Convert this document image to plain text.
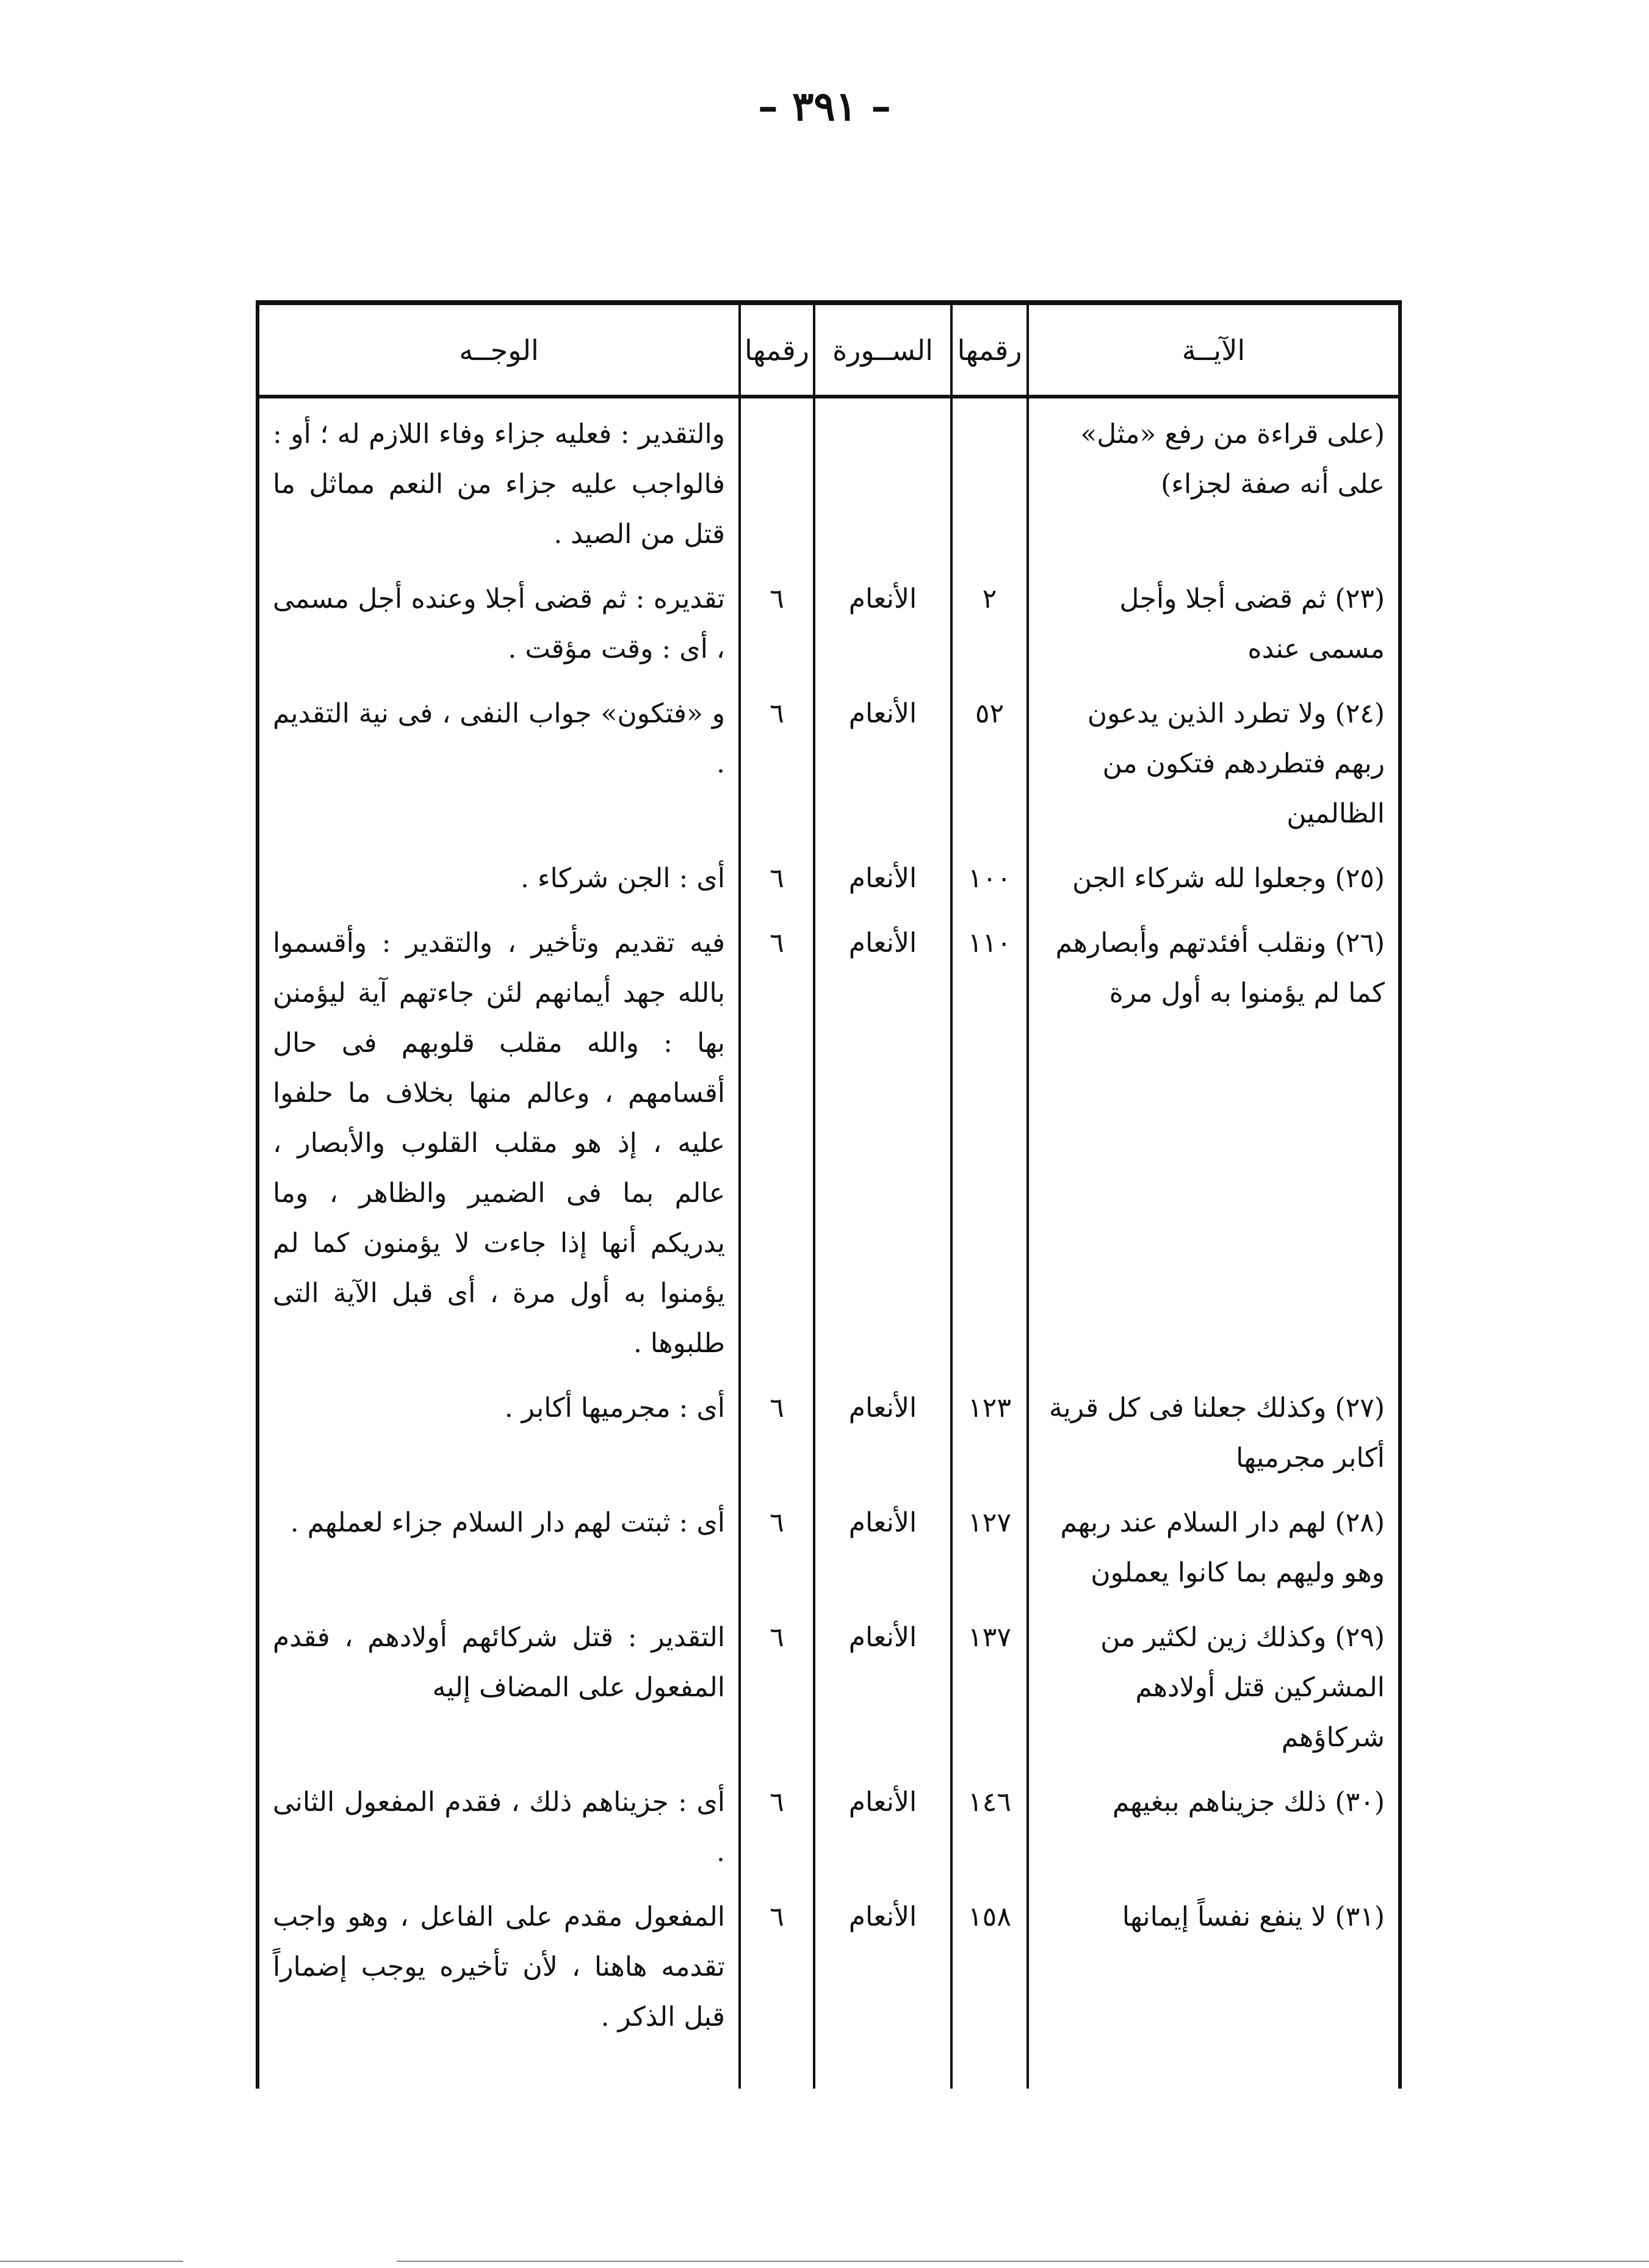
– ٣٩١ –
الآيــة	رقمها	الســورة	رقمها	الوجــه
(على قراءة من رفع «مثل» على أنه صفة لجزاء)				والتقدير : فعليه جزاء وفاء اللازم له ؛ أو : فالواجب عليه جزاء من النعم مماثل ما قتل من الصيد .
(٢٣) ثم قضى أجلا وأجل مسمى عنده	٢	الأنعام	٦	تقديره : ثم قضى أجلا وعنده أجل مسمى ، أى : وقت مؤقت .
(٢٤) ولا تطرد الذين يدعون ربهم فتطردهم فتكون من الظالمين	٥٢	الأنعام	٦	و «فتكون» جواب النفى ، فى نية التقديم .
(٢٥) وجعلوا لله شركاء الجن	١٠٠	الأنعام	٦	أى : الجن شركاء .
(٢٦) ونقلب أفئدتهم وأبصارهم كما لم يؤمنوا به أول مرة	١١٠	الأنعام	٦	فيه تقديم وتأخير ، والتقدير : وأقسموا بالله جهد أيمانهم لئن جاءتهم آية ليؤمنن بها : والله مقلب قلوبهم فى حال أقسامهم ، وعالم منها بخلاف ما حلفوا عليه ، إذ هو مقلب القلوب والأبصار ، عالم بما فى الضمير والظاهر ، وما يدريكم أنها إذا جاءت لا يؤمنون كما لم يؤمنوا به أول مرة ، أى قبل الآية التى طلبوها .
(٢٧) وكذلك جعلنا فى كل قرية أكابر مجرميها	١٢٣	الأنعام	٦	أى : مجرميها أكابر .
(٢٨) لهم دار السلام عند ربهم وهو وليهم بما كانوا يعملون	١٢٧	الأنعام	٦	أى : ثبتت لهم دار السلام جزاء لعملهم .
(٢٩) وكذلك زين لكثير من المشركين قتل أولادهم شركاؤهم	١٣٧	الأنعام	٦	التقدير : قتل شركائهم أولادهم ، فقدم المفعول على المضاف إليه
(٣٠) ذلك جزيناهم ببغيهم	١٤٦	الأنعام	٦	أى : جزيناهم ذلك ، فقدم المفعول الثانى .
(٣١) لا ينفع نفساً إيمانها	١٥٨	الأنعام	٦	المفعول مقدم على الفاعل ، وهو واجب تقدمه هاهنا ، لأن تأخيره يوجب إضماراً قبل الذكر .
